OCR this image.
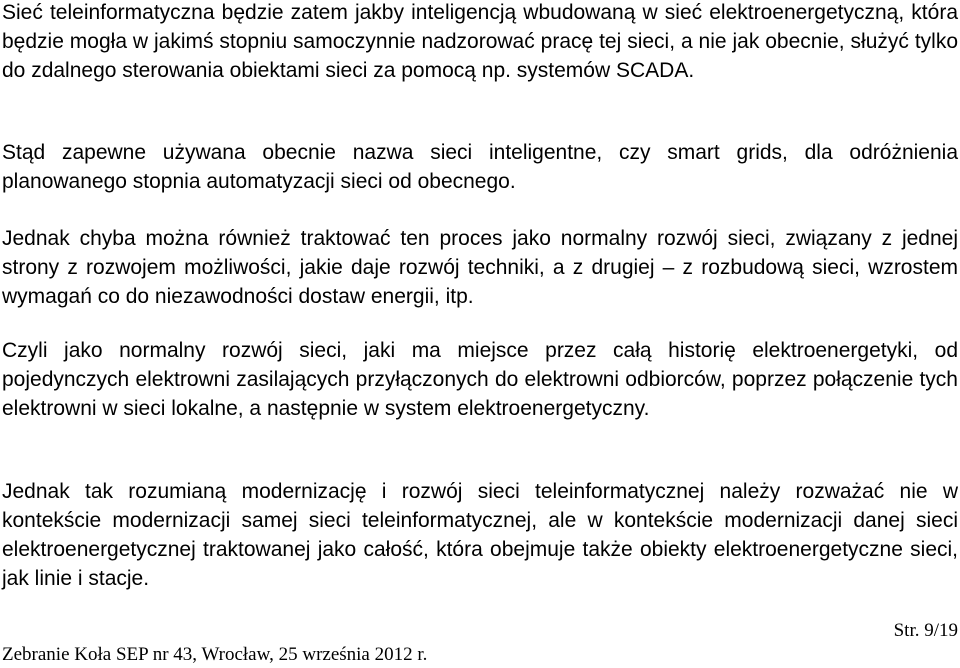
Sieć teleinformatyczna będzie zatem jakby inteligencją wbudowaną w sieć elektroenergetyczną, która będzie mogła w jakimś stopniu samoczynnie nadzorować pracę tej sieci, a nie jak obecnie, służyć tylko do zdalnego sterowania obiektami sieci za pomocą np. systemów SCADA.

Stąd zapewne używana obecnie nazwa sieci inteligentne, czy smart grids, dla odróżnienia planowanego stopnia automatyzacji sieci od obecnego.

Jednak chyba można również traktować ten proces jako normalny rozwój sieci, związany z jednej strony z rozwojem możliwości, jakie daje rozwój techniki, a z drugiej – z rozbudową sieci, wzrostem wymagań co do niezawodności dostaw energii, itp.

Czyli jako normalny rozwój sieci, jaki ma miejsce przez całą historię elektroenergetyki, od pojedynczych elektrowni zasilających przyłączonych do elektrowni odbiorców, poprzez połączenie tych elektrowni w sieci lokalne, a następnie w system elektroenergetyczny.

Jednak tak rozumianą modernizację i rozwój sieci teleinformatycznej należy rozważać nie w kontekście modernizacji samej sieci teleinformatycznej, ale w kontekście modernizacji danej sieci elektroenergetycznej traktowanej jako całość, która obejmuje także obiekty elektroenergetyczne sieci, jak linie i stacje.

Str. 9/19
Zebranie Koła SEP nr 43, Wrocław, 25 września 2012 r.
